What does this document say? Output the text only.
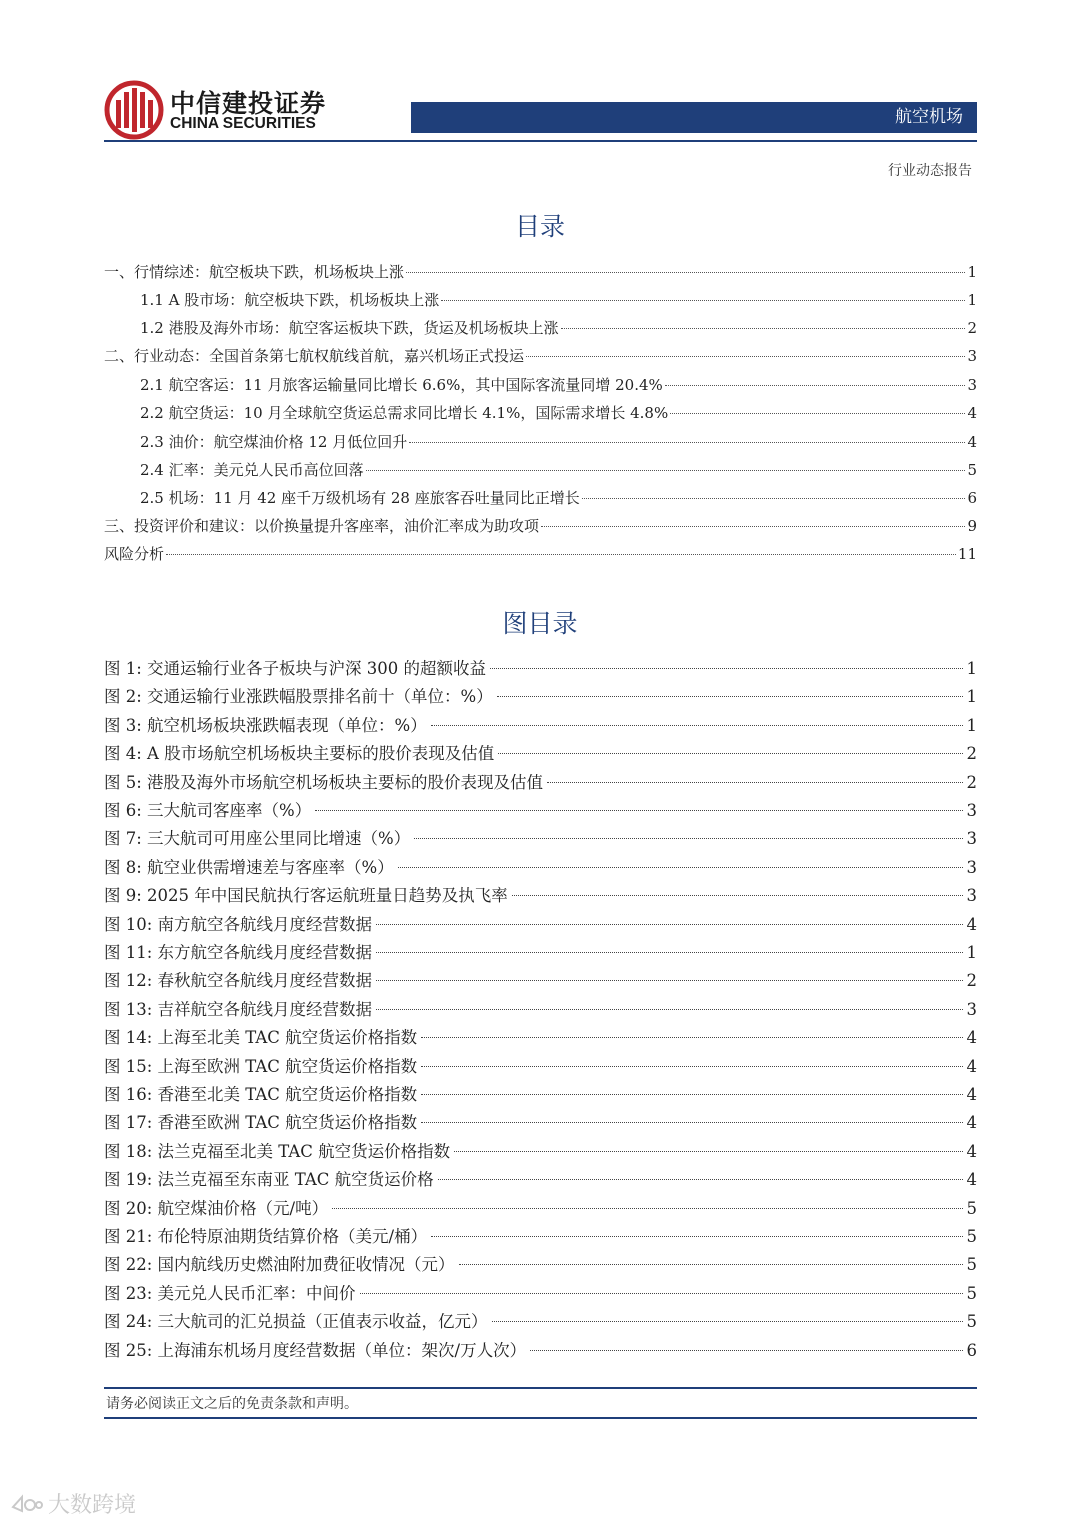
中信建投证券
CHINA SECURITIES	航空机场
行业动态报告
目录
一、行情综述：航空板块下跌，机场板块上涨	1
1.1 A 股市场：航空板块下跌，机场板块上涨	1
1.2 港股及海外市场：航空客运板块下跌，货运及机场板块上涨	2
二、行业动态：全国首条第七航权航线首航，嘉兴机场正式投运	3
2.1 航空客运：11 月旅客运输量同比增长 6.6%，其中国际客流量同增 20.4%	3
2.2 航空货运：10 月全球航空货运总需求同比增长 4.1%，国际需求增长 4.8%	4
2.3 油价：航空煤油价格 12 月低位回升	4
2.4 汇率：美元兑人民币高位回落	5
2.5 机场：11 月 42 座千万级机场有 28 座旅客吞吐量同比正增长	6
三、投资评价和建议：以价换量提升客座率，油价汇率成为助攻项	9
风险分析	11
图目录
图 1: 交通运输行业各子板块与沪深 300 的超额收益	1
图 2: 交通运输行业涨跌幅股票排名前十（单位：%）	1
图 3: 航空机场板块涨跌幅表现（单位：%）	1
图 4: A 股市场航空机场板块主要标的股价表现及估值	2
图 5: 港股及海外市场航空机场板块主要标的股价表现及估值	2
图 6: 三大航司客座率（%）	3
图 7: 三大航司可用座公里同比增速（%）	3
图 8: 航空业供需增速差与客座率（%）	3
图 9: 2025 年中国民航执行客运航班量日趋势及执飞率	3
图 10: 南方航空各航线月度经营数据	4
图 11: 东方航空各航线月度经营数据	1
图 12: 春秋航空各航线月度经营数据	2
图 13: 吉祥航空各航线月度经营数据	3
图 14: 上海至北美 TAC 航空货运价格指数	4
图 15: 上海至欧洲 TAC 航空货运价格指数	4
图 16: 香港至北美 TAC 航空货运价格指数	4
图 17: 香港至欧洲 TAC 航空货运价格指数	4
图 18: 法兰克福至北美 TAC 航空货运价格指数	4
图 19: 法兰克福至东南亚 TAC 航空货运价格	4
图 20: 航空煤油价格（元/吨）	5
图 21: 布伦特原油期货结算价格（美元/桶）	5
图 22: 国内航线历史燃油附加费征收情况（元）	5
图 23: 美元兑人民币汇率：中间价	5
图 24: 三大航司的汇兑损益（正值表示收益，亿元）	5
图 25: 上海浦东机场月度经营数据（单位：架次/万人次）	6
请务必阅读正文之后的免责条款和声明。
大数跨境
